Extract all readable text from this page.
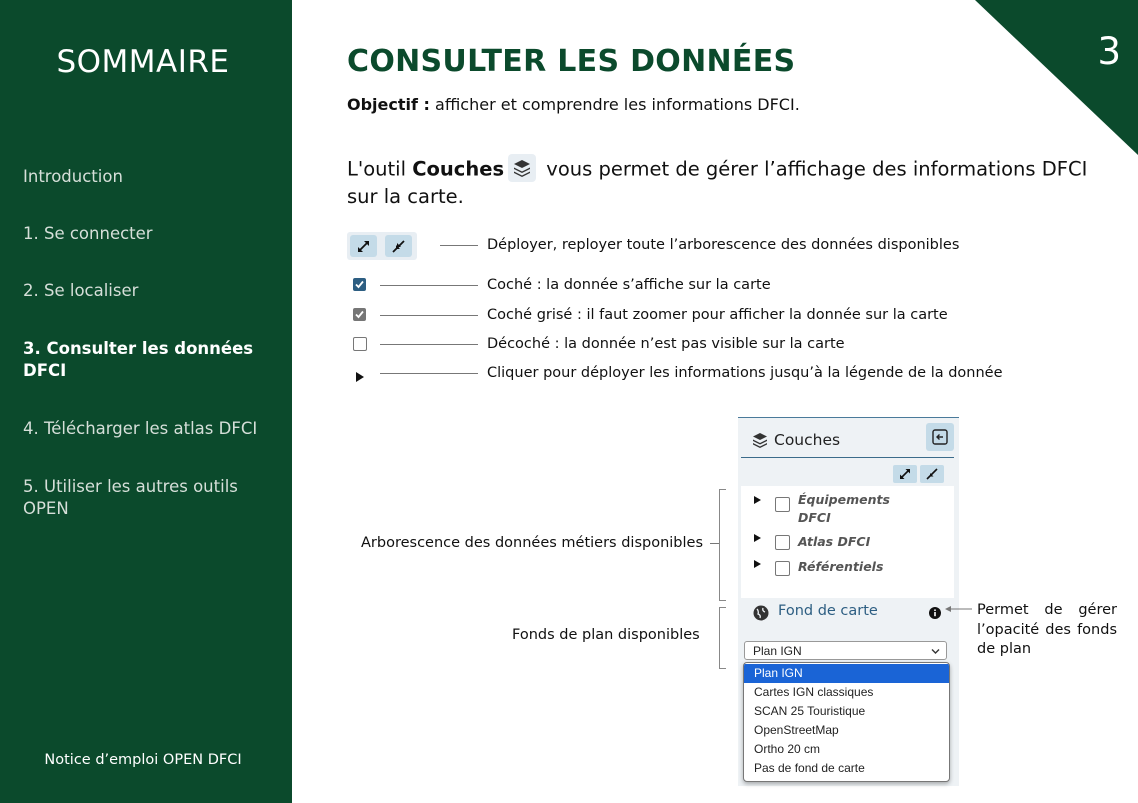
SOMMAIRE
Introduction
1. Se connecter
2. Se localiser
3. Consulter les données DFCI
4. Télécharger les atlas DFCI
5. Utiliser les autres outils OPEN
Notice d’emploi OPEN DFCI
3
CONSULTER LES DONNÉES
Objectif : afficher et comprendre les informations DFCI.
L'outil Couches vous permet de gérer l’affichage des informations DFCI sur la carte.
Déployer, reployer toute l’arborescence des données disponibles
Coché : la donnée s’affiche sur la carte
Coché grisé : il faut zoomer pour afficher la donnée sur la carte
Décoché : la donnée n’est pas visible sur la carte
Cliquer pour déployer les informations jusqu’à la légende de la donnée
Couches
Équipements DFCI
Atlas DFCI
Référentiels
Fond de carte
Plan IGN
Plan IGN
Cartes IGN classiques
SCAN 25 Touristique
OpenStreetMap
Ortho 20 cm
Pas de fond de carte
Arborescence des données métiers disponibles
Fonds de plan disponibles
Permet de gérer l’opacité des fonds de plan
